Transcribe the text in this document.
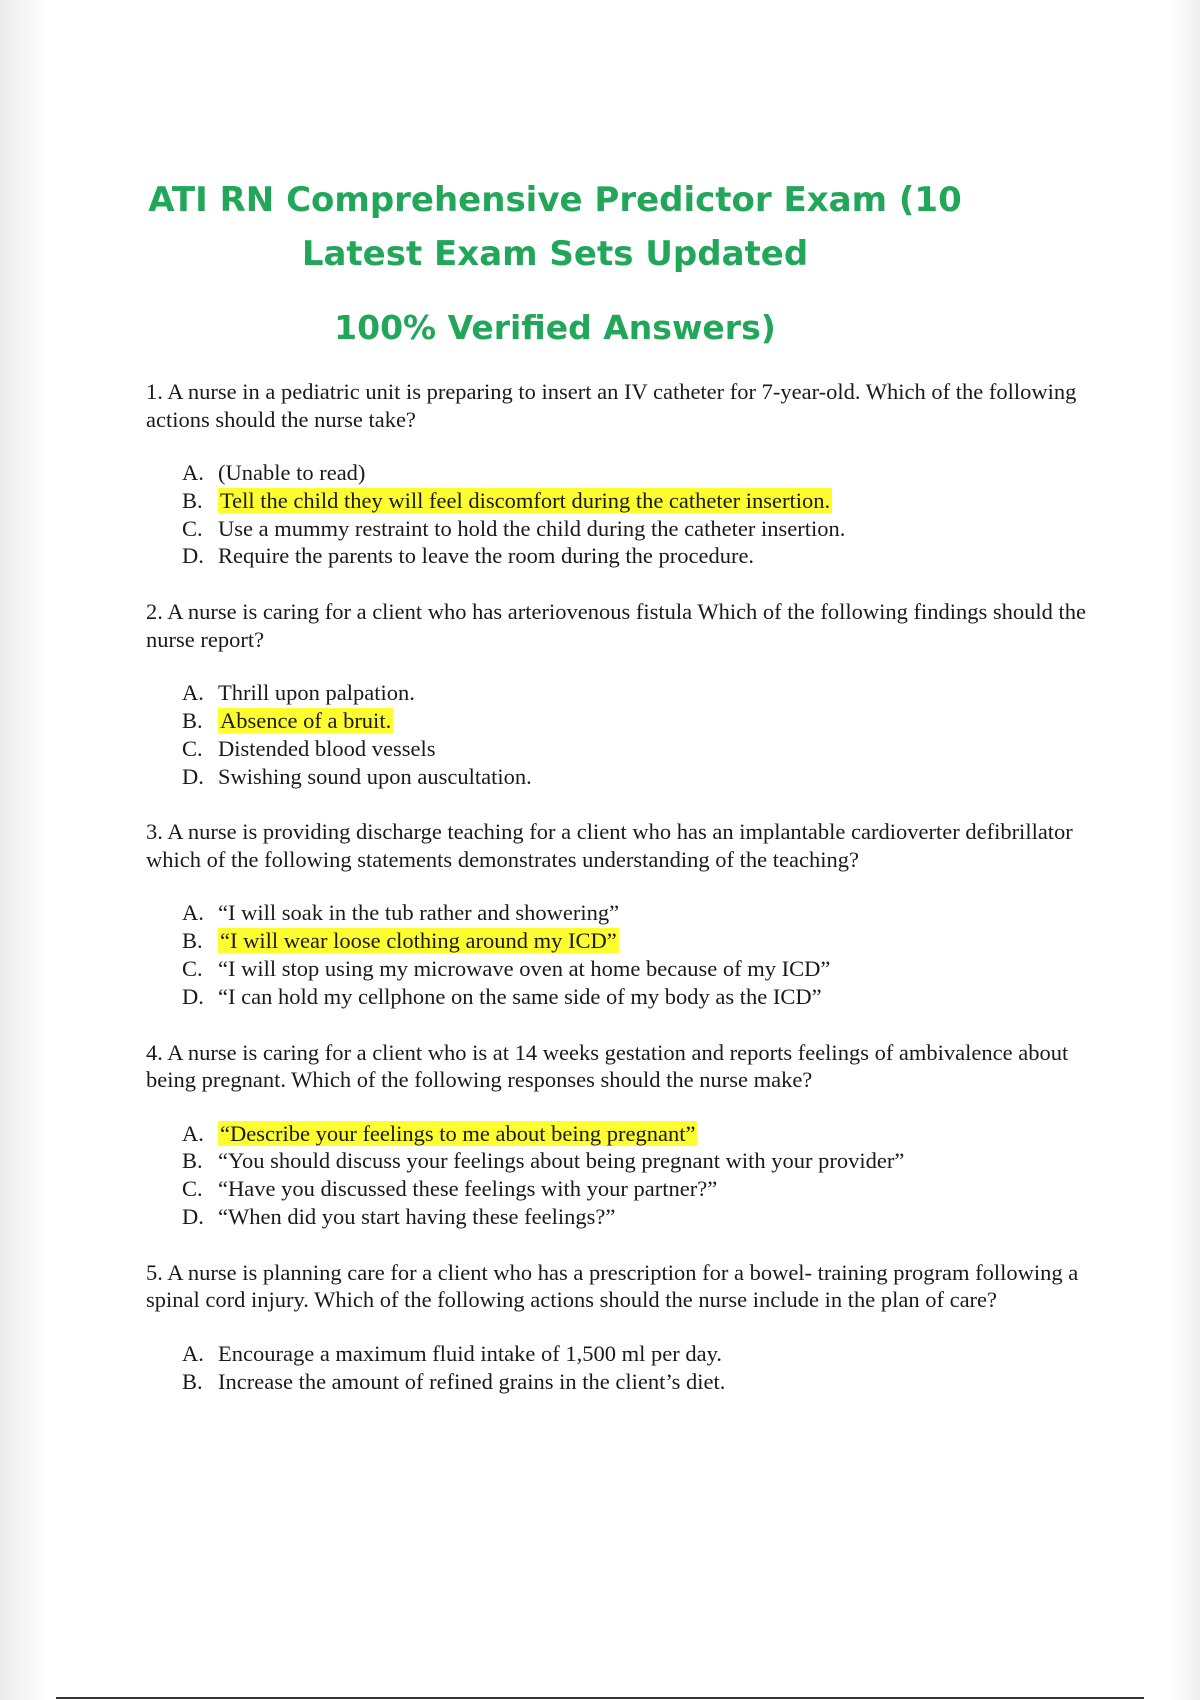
ATI RN Comprehensive Predictor Exam (10
Latest Exam Sets Updated
100% Verified Answers)

1. A nurse in a pediatric unit is preparing to insert an IV catheter for 7-year-old. Which of the following actions should the nurse take?

A. (Unable to read)
B. Tell the child they will feel discomfort during the catheter insertion.
C. Use a mummy restraint to hold the child during the catheter insertion.
D. Require the parents to leave the room during the procedure.

2. A nurse is caring for a client who has arteriovenous fistula Which of the following findings should the nurse report?

A. Thrill upon palpation.
B. Absence of a bruit.
C. Distended blood vessels
D. Swishing sound upon auscultation.

3. A nurse is providing discharge teaching for a client who has an implantable cardioverter defibrillator which of the following statements demonstrates understanding of the teaching?

A. “I will soak in the tub rather and showering”
B. “I will wear loose clothing around my ICD”
C. “I will stop using my microwave oven at home because of my ICD”
D. “I can hold my cellphone on the same side of my body as the ICD”

4. A nurse is caring for a client who is at 14 weeks gestation and reports feelings of ambivalence about being pregnant. Which of the following responses should the nurse make?

A. “Describe your feelings to me about being pregnant”
B. “You should discuss your feelings about being pregnant with your provider”
C. “Have you discussed these feelings with your partner?”
D. “When did you start having these feelings?”

5. A nurse is planning care for a client who has a prescription for a bowel- training program following a spinal cord injury. Which of the following actions should the nurse include in the plan of care?

A. Encourage a maximum fluid intake of 1,500 ml per day.
B. Increase the amount of refined grains in the client’s diet.
